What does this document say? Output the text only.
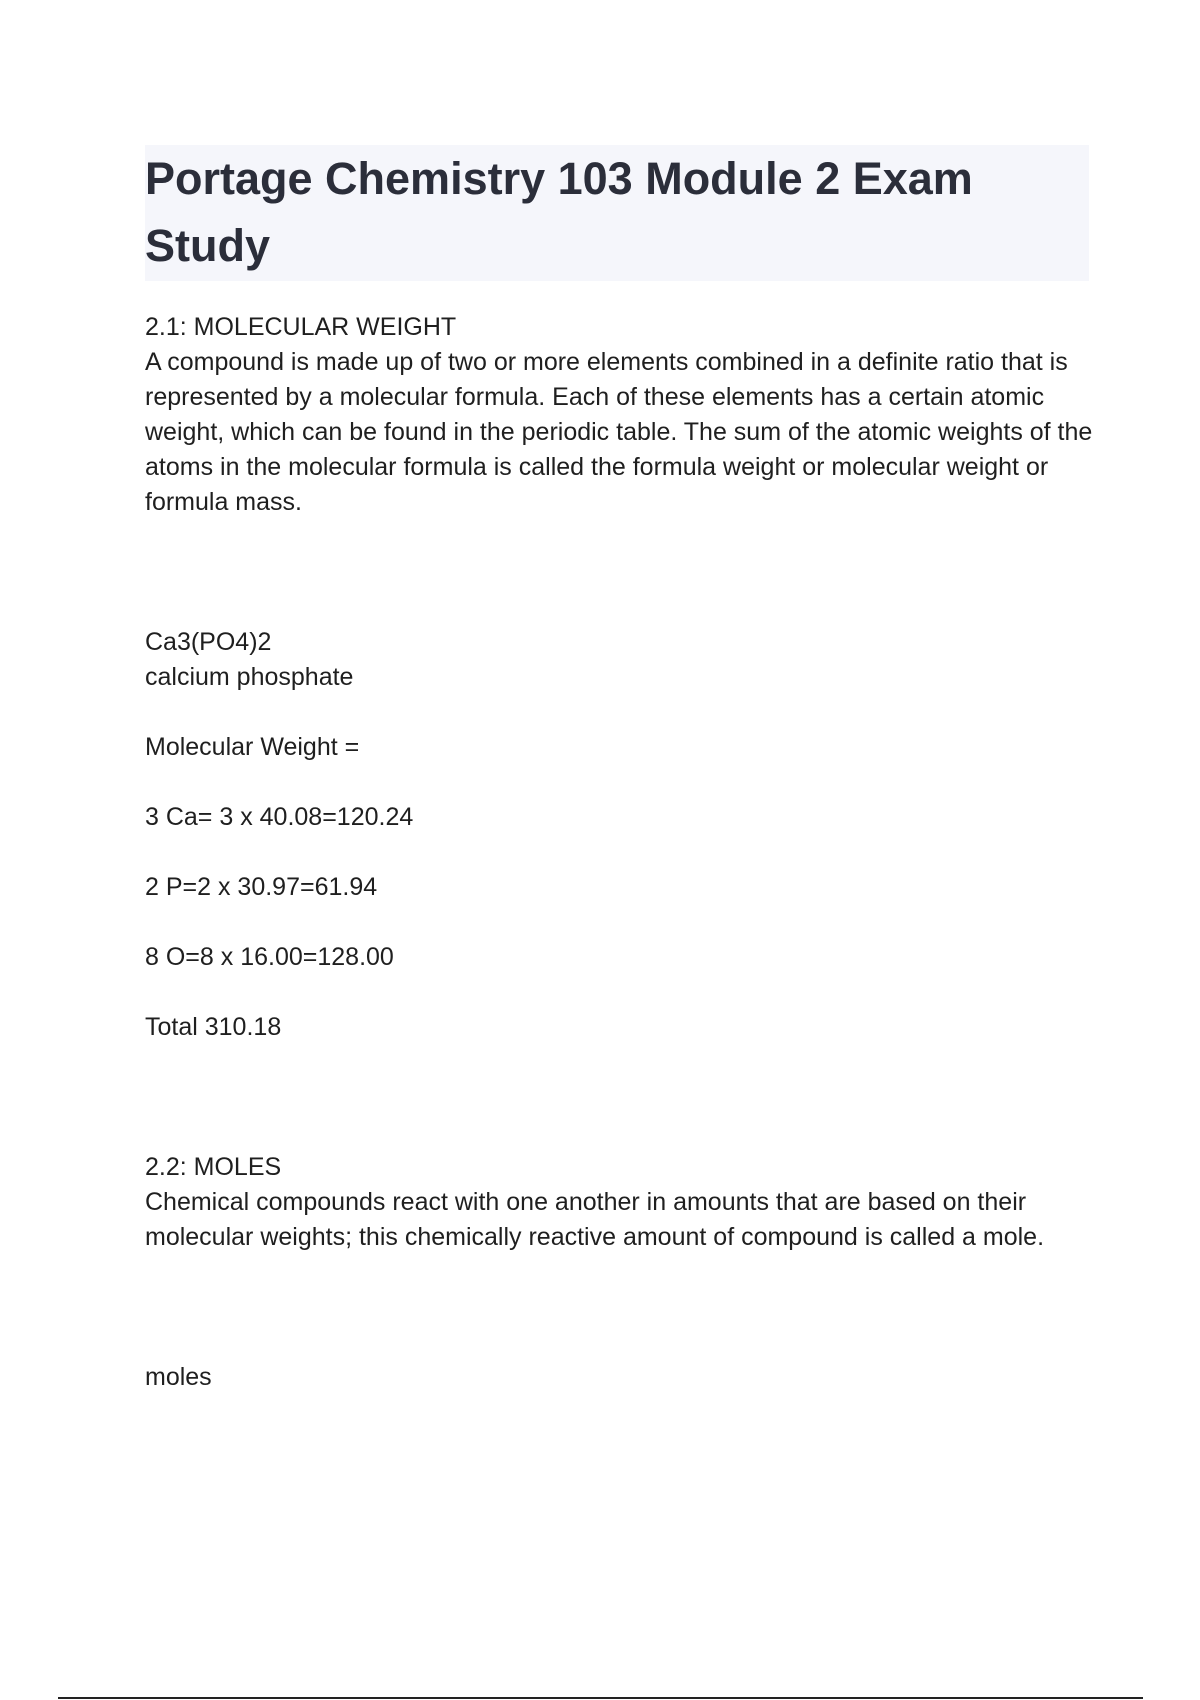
Portage Chemistry 103 Module 2 Exam Study

2.1: MOLECULAR WEIGHT

A compound is made up of two or more elements combined in a definite ratio that is represented by a molecular formula. Each of these elements has a certain atomic weight, which can be found in the periodic table. The sum of the atomic weights of the atoms in the molecular formula is called the formula weight or molecular weight or formula mass.

Ca3(PO4)2

calcium phosphate

Molecular Weight =

3 Ca= 3 x 40.08=120.24

2 P=2 x 30.97=61.94

8 O=8 x 16.00=128.00

Total 310.18

2.2: MOLES

Chemical compounds react with one another in amounts that are based on their molecular weights; this chemically reactive amount of compound is called a mole.

moles
